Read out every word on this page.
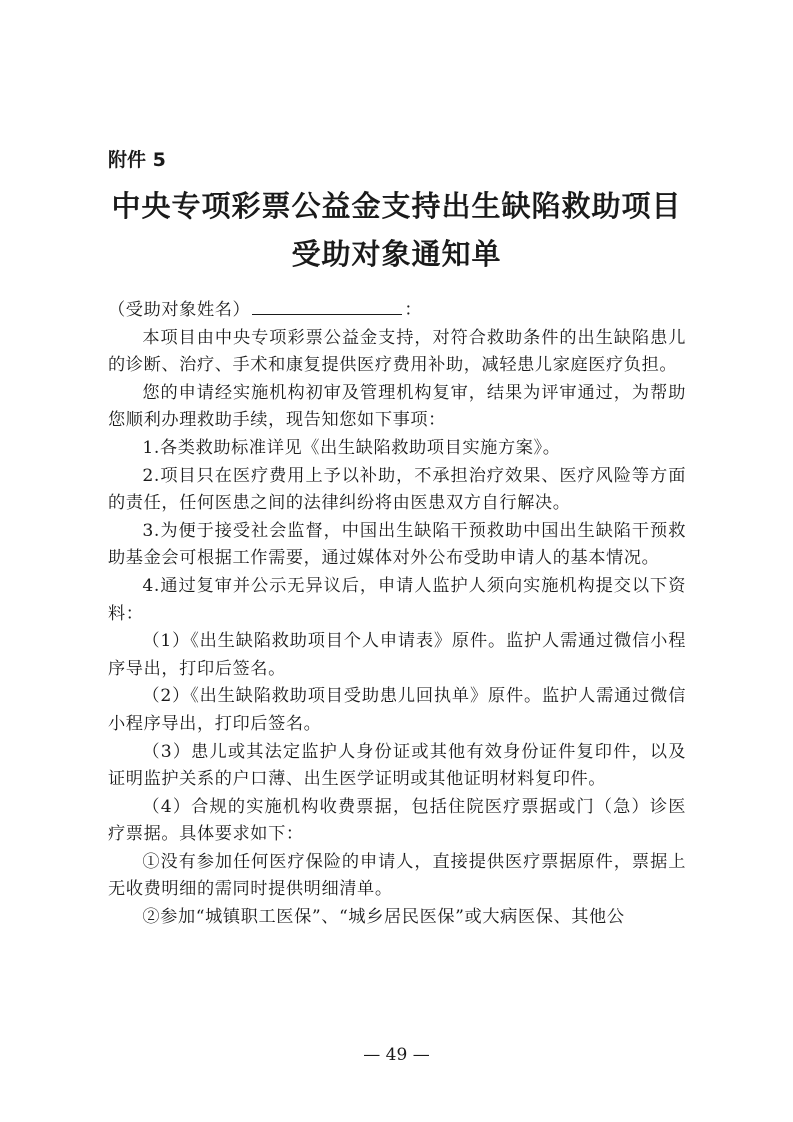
附件 5
中央专项彩票公益金支持出生缺陷救助项目
受助对象通知单

（受助对象姓名）	：

本项目由中央专项彩票公益金支持，对符合救助条件的出生缺陷患儿的诊断、治疗、手术和康复提供医疗费用补助，减轻患儿家庭医疗负担。

您的申请经实施机构初审及管理机构复审，结果为评审通过，为帮助您顺利办理救助手续，现告知您如下事项：

1.各类救助标准详见《出生缺陷救助项目实施方案》。

2.项目只在医疗费用上予以补助，不承担治疗效果、医疗风险等方面的责任，任何医患之间的法律纠纷将由医患双方自行解决。

3.为便于接受社会监督，中国出生缺陷干预救助中国出生缺陷干预救助基金会可根据工作需要，通过媒体对外公布受助申请人的基本情况。

4.通过复审并公示无异议后，申请人监护人须向实施机构提交以下资料：

（1）《出生缺陷救助项目个人申请表》原件。监护人需通过微信小程序导出，打印后签名。

（2）《出生缺陷救助项目受助患儿回执单》原件。监护人需通过微信小程序导出，打印后签名。

（3）患儿或其法定监护人身份证或其他有效身份证件复印件，以及证明监护关系的户口薄、出生医学证明或其他证明材料复印件。

（4）合规的实施机构收费票据，包括住院医疗票据或门（急）诊医疗票据。具体要求如下：

①没有参加任何医疗保险的申请人，直接提供医疗票据原件，票据上无收费明细的需同时提供明细清单。

②参加“城镇职工医保”、“城乡居民医保”或大病医保、其他公

— 49 —
